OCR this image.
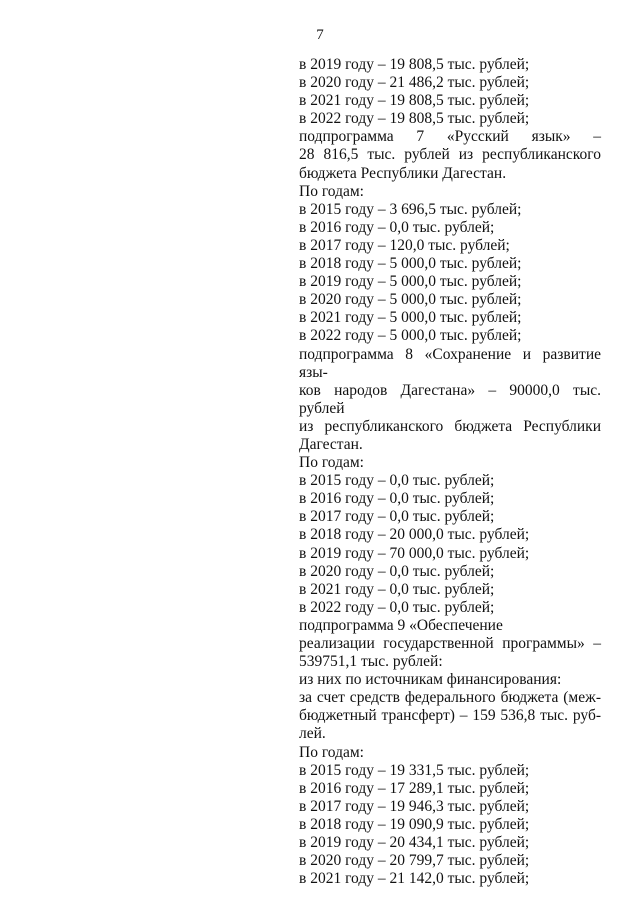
7
в 2019 году – 19 808,5 тыс. рублей;
в 2020 году – 21 486,2 тыс. рублей;
в 2021 году – 19 808,5 тыс. рублей;
в 2022 году – 19 808,5 тыс. рублей;
подпрограмма 7 «Русский язык» –
28 816,5 тыс. рублей из республиканского
бюджета Республики Дагестан.
По годам:
в 2015 году – 3 696,5 тыс. рублей;
в 2016 году – 0,0 тыс. рублей;
в 2017 году – 120,0 тыс. рублей;
в 2018 году – 5 000,0 тыс. рублей;
в 2019 году – 5 000,0 тыс. рублей;
в 2020 году – 5 000,0 тыс. рублей;
в 2021 году – 5 000,0 тыс. рублей;
в 2022 году – 5 000,0 тыс. рублей;
подпрограмма 8 «Сохранение и развитие язы-
ков народов Дагестана» – 90000,0 тыс. рублей
из республиканского бюджета Республики
Дагестан.
По годам:
в 2015 году – 0,0 тыс. рублей;
в 2016 году – 0,0 тыс. рублей;
в 2017 году – 0,0 тыс. рублей;
в 2018 году – 20 000,0 тыс. рублей;
в 2019 году – 70 000,0 тыс. рублей;
в 2020 году – 0,0 тыс. рублей;
в 2021 году – 0,0 тыс. рублей;
в 2022 году – 0,0 тыс. рублей;
подпрограмма 9 «Обеспечение
реализации государственной программы» –
539751,1 тыс. рублей:
из них по источникам финансирования:
за счет средств федерального бюджета (меж-
бюджетный трансферт) – 159 536,8 тыс. руб-
лей.
По годам:
в 2015 году – 19 331,5 тыс. рублей;
в 2016 году – 17 289,1 тыс. рублей;
в 2017 году – 19 946,3 тыс. рублей;
в 2018 году – 19 090,9 тыс. рублей;
в 2019 году – 20 434,1 тыс. рублей;
в 2020 году – 20 799,7 тыс. рублей;
в 2021 году – 21 142,0 тыс. рублей;
